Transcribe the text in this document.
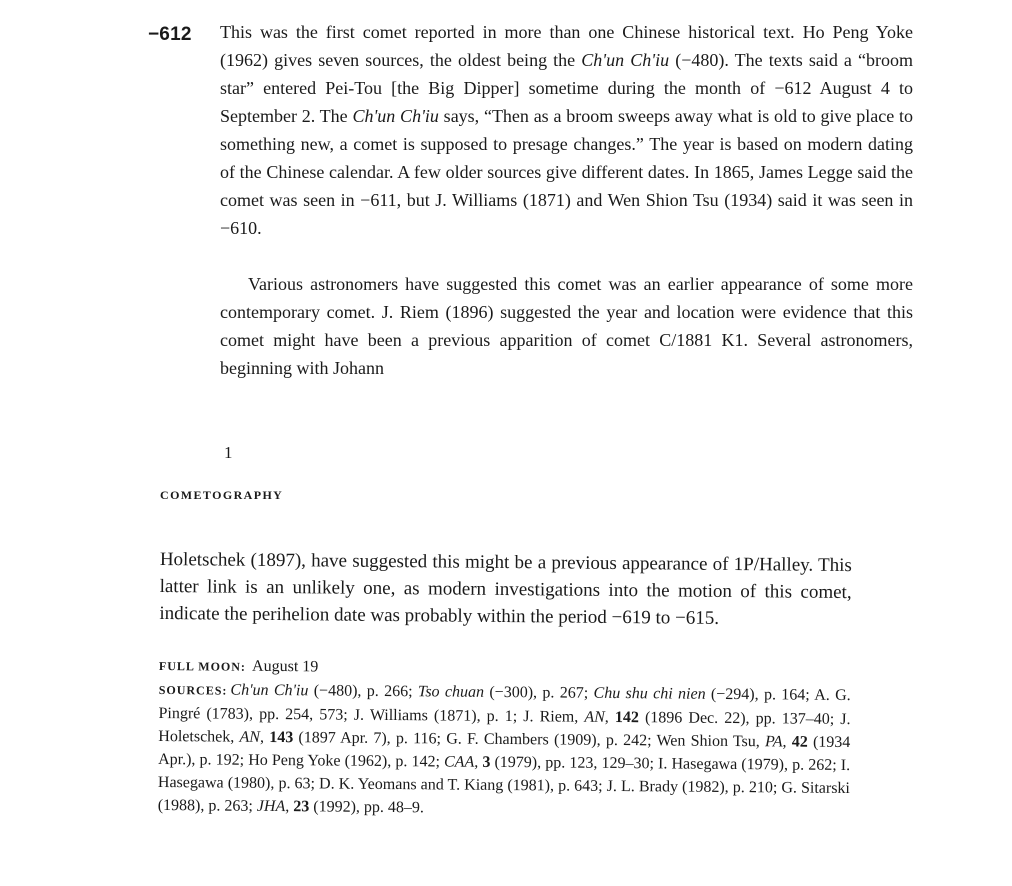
−612 This was the first comet reported in more than one Chinese historical text. Ho Peng Yoke (1962) gives seven sources, the oldest being the Ch'un Ch'iu (−480). The texts said a “broom star” entered Pei-Tou [the Big Dipper] sometime during the month of −612 August 4 to September 2. The Ch'un Ch'iu says, “Then as a broom sweeps away what is old to give place to something new, a comet is supposed to presage changes.” The year is based on modern dating of the Chinese calendar. A few older sources give different dates. In 1865, James Legge said the comet was seen in −611, but J. Williams (1871) and Wen Shion Tsu (1934) said it was seen in −610.

Various astronomers have suggested this comet was an earlier appearance of some more contemporary comet. J. Riem (1896) suggested the year and location were evidence that this comet might have been a previous apparition of comet C/1881 K1. Several astronomers, beginning with Johann

1
COMETOGRAPHY

Holetschek (1897), have suggested this might be a previous appearance of 1P/Halley. This latter link is an unlikely one, as modern investigations into the motion of this comet, indicate the perihelion date was probably within the period −619 to −615.

FULL MOON: August 19

SOURCES: Ch'un Ch'iu (−480), p. 266; Tso chuan (−300), p. 267; Chu shu chi nien (−294), p. 164; A. G. Pingré (1783), pp. 254, 573; J. Williams (1871), p. 1; J. Riem, AN, 142 (1896 Dec. 22), pp. 137–40; J. Holetschek, AN, 143 (1897 Apr. 7), p. 116; G. F. Chambers (1909), p. 242; Wen Shion Tsu, PA, 42 (1934 Apr.), p. 192; Ho Peng Yoke (1962), p. 142; CAA, 3 (1979), pp. 123, 129–30; I. Hasegawa (1979), p. 262; I. Hasegawa (1980), p. 63; D. K. Yeomans and T. Kiang (1981), p. 643; J. L. Brady (1982), p. 210; G. Sitarski (1988), p. 263; JHA, 23 (1992), pp. 48–9.
